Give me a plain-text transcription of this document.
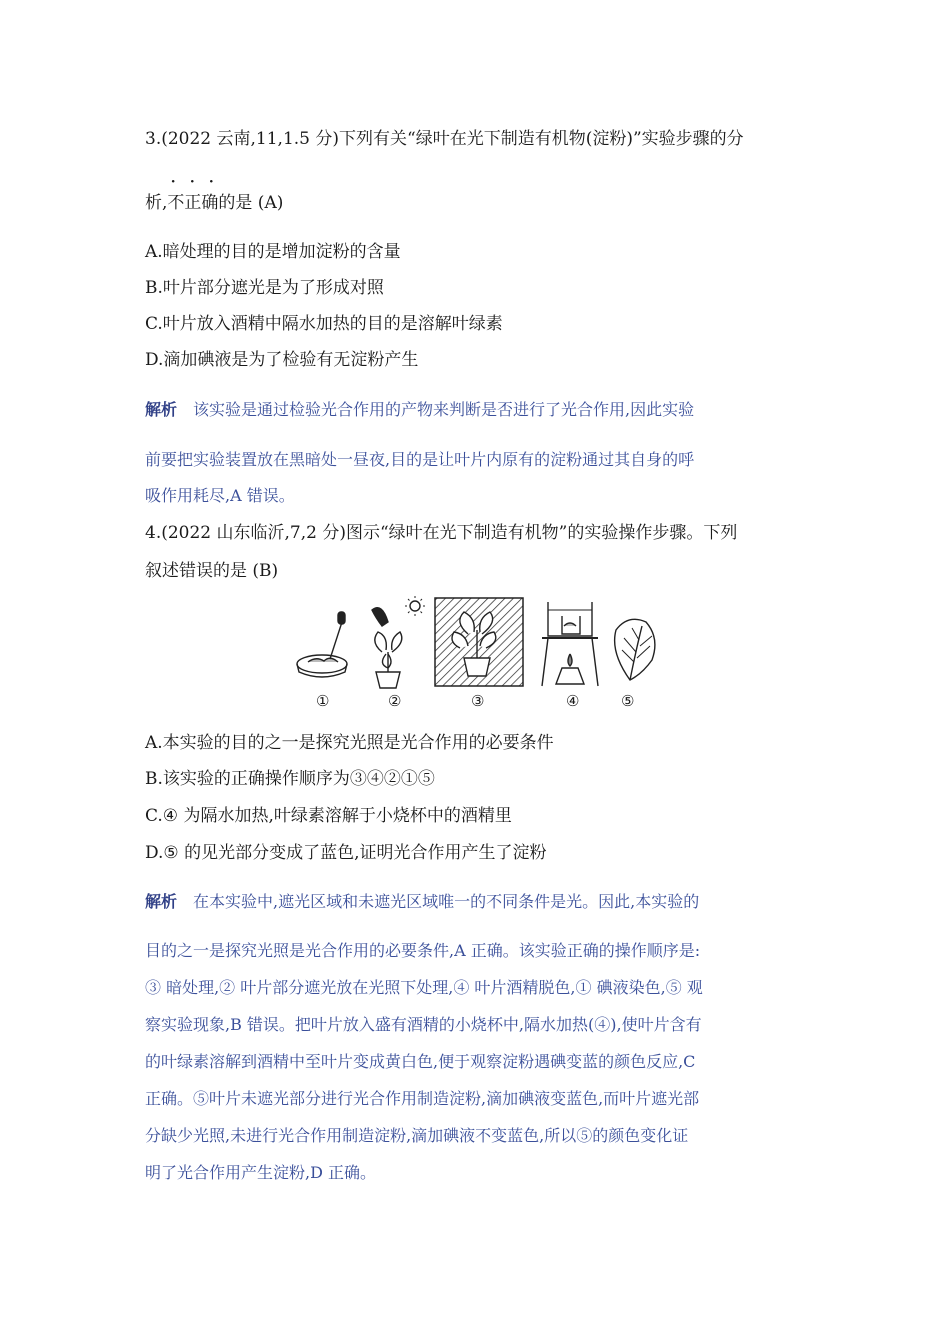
3.(2022 云南,11,1.5 分)下列有关“绿叶在光下制造有机物(淀粉)”实验步骤的分
·  ·  ·
析,不正确的是 (A)
A.暗处理的目的是增加淀粉的含量
B.叶片部分遮光是为了形成对照
C.叶片放入酒精中隔水加热的目的是溶解叶绿素
D.滴加碘液是为了检验有无淀粉产生
解析 该实验是通过检验光合作用的产物来判断是否进行了光合作用,因此实验
前要把实验装置放在黑暗处一昼夜,目的是让叶片内原有的淀粉通过其自身的呼
吸作用耗尽,A 错误。
4.(2022 山东临沂,7,2 分)图示“绿叶在光下制造有机物”的实验操作步骤。下列
叙述错误的是 (B)
①	②	③	④	⑤
A.本实验的目的之一是探究光照是光合作用的必要条件
B.该实验的正确操作顺序为③④②①⑤
C.④ 为隔水加热,叶绿素溶解于小烧杯中的酒精里
D.⑤ 的见光部分变成了蓝色,证明光合作用产生了淀粉
解析 在本实验中,遮光区域和未遮光区域唯一的不同条件是光。因此,本实验的
目的之一是探究光照是光合作用的必要条件,A 正确。该实验正确的操作顺序是:
③ 暗处理,② 叶片部分遮光放在光照下处理,④ 叶片酒精脱色,① 碘液染色,⑤ 观
察实验现象,B 错误。把叶片放入盛有酒精的小烧杯中,隔水加热(④),使叶片含有
的叶绿素溶解到酒精中至叶片变成黄白色,便于观察淀粉遇碘变蓝的颜色反应,C
正确。⑤叶片未遮光部分进行光合作用制造淀粉,滴加碘液变蓝色,而叶片遮光部
分缺少光照,未进行光合作用制造淀粉,滴加碘液不变蓝色,所以⑤的颜色变化证
明了光合作用产生淀粉,D 正确。
